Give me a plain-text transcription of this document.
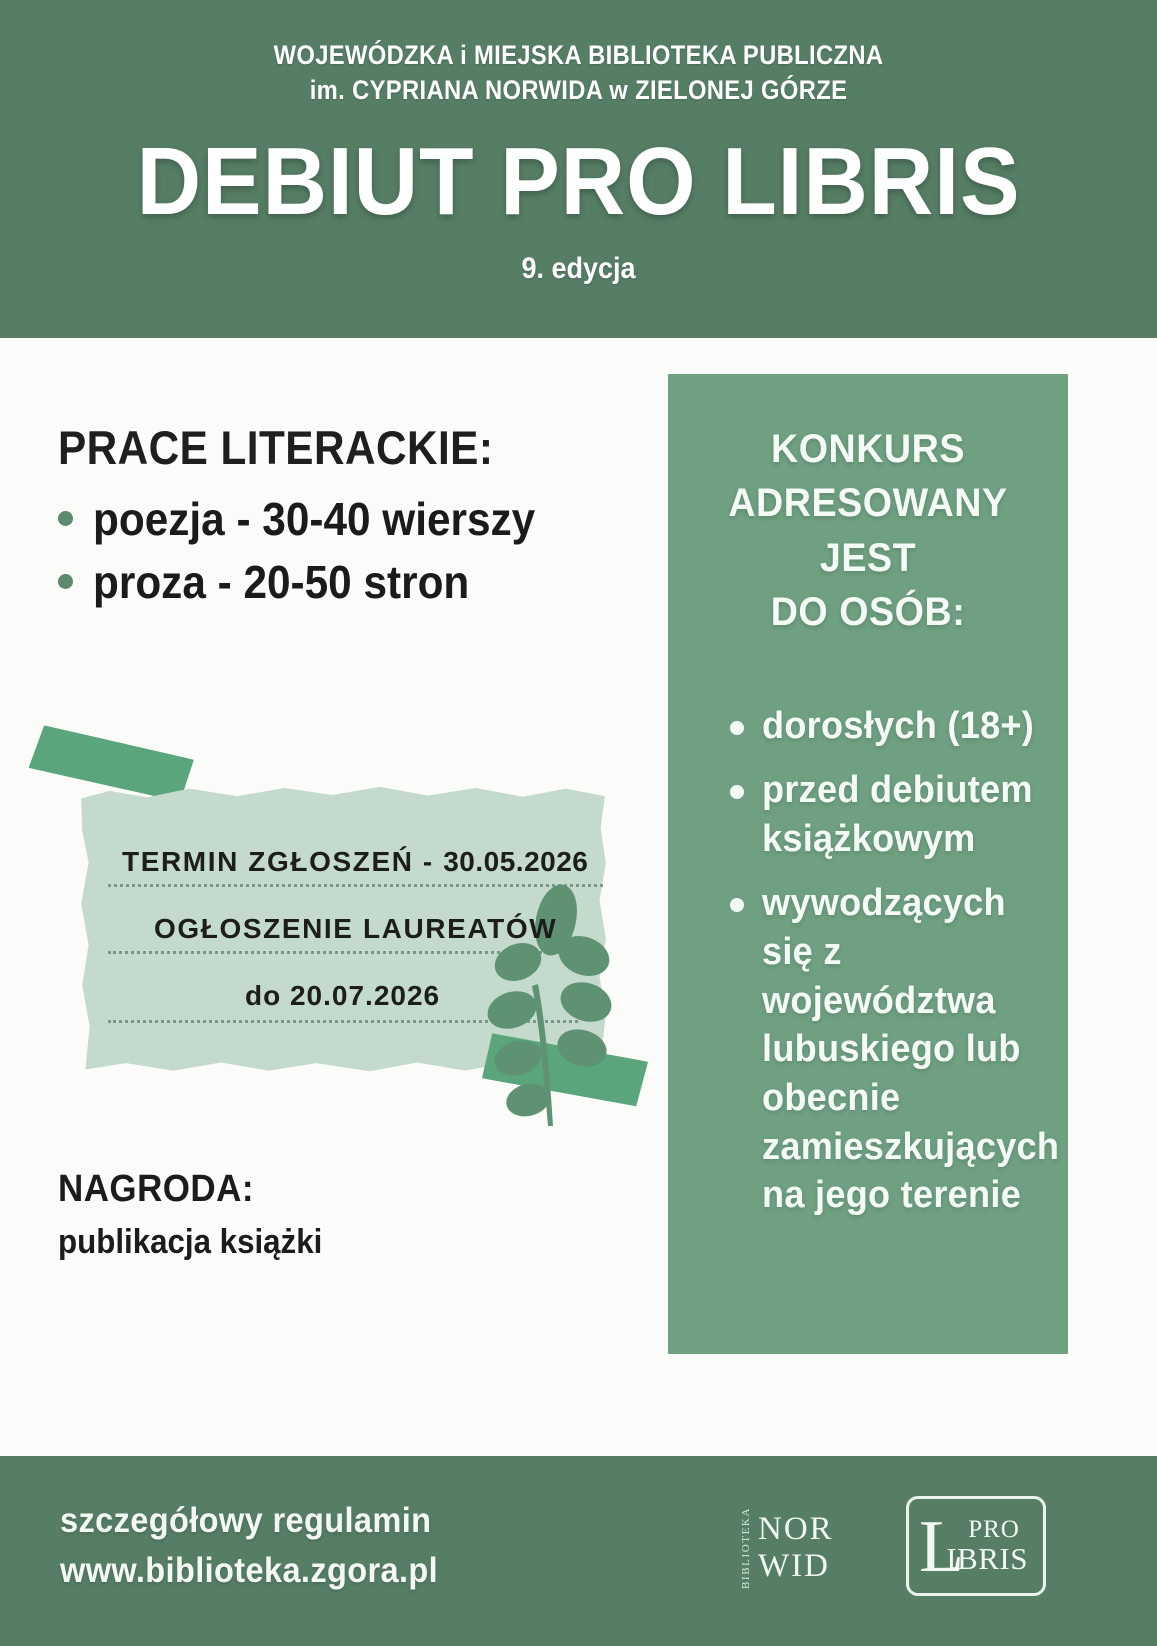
WOJEWÓDZKA i MIEJSKA BIBLIOTEKA PUBLICZNA
im. CYPRIANA NORWIDA w ZIELONEJ GÓRZE
DEBIUT PRO LIBRIS
9. edycja
PRACE LITERACKIE:
poezja - 30-40 wierszy
proza - 20-50 stron
TERMIN ZGŁOSZEŃ - 30.05.2026
OGŁOSZENIE LAUREATÓW
do 20.07.2026
NAGRODA:
publikacja książki
KONKURS
ADRESOWANY JEST
DO OSÓB:
dorosłych (18+)
przed debiutem książkowym
wywodzących się z województwa lubuskiego lub obecnie zamieszkujących na jego terenie
szczegółowy regulamin
www.biblioteka.zgora.pl	BIBLIOTEKA NOR
WID L PRO
IBRIS
